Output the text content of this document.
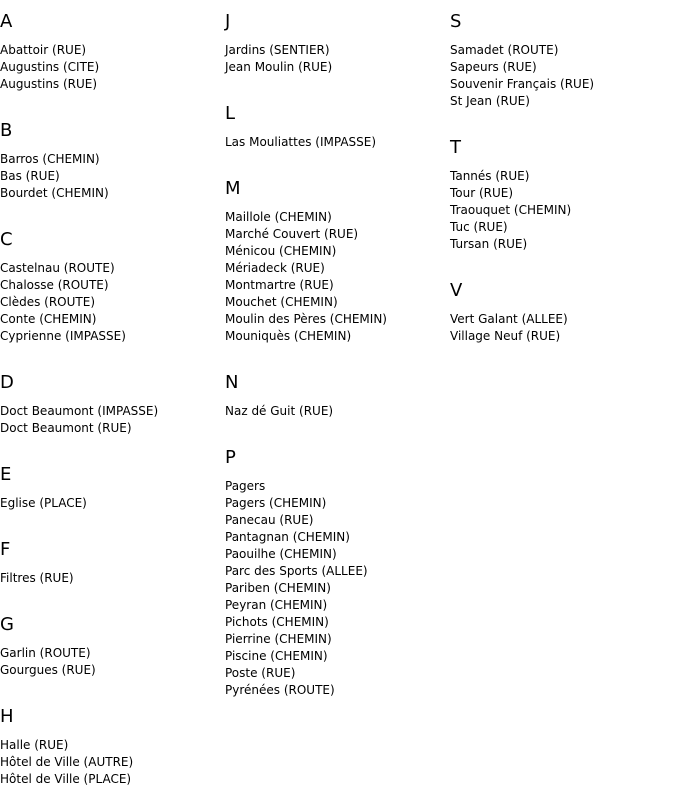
A
Abattoir (RUE)
Augustins (CITE)
Augustins (RUE)
B
Barros (CHEMIN)
Bas (RUE)
Bourdet (CHEMIN)
C
Castelnau (ROUTE)
Chalosse (ROUTE)
Clèdes (ROUTE)
Conte (CHEMIN)
Cyprienne (IMPASSE)
D
Doct Beaumont (IMPASSE)
Doct Beaumont (RUE)
E
Eglise (PLACE)
F
Filtres (RUE)
G
Garlin (ROUTE)
Gourgues (RUE)
H
Halle (RUE)
Hôtel de Ville (AUTRE)
Hôtel de Ville (PLACE)
J
Jardins (SENTIER)
Jean Moulin (RUE)
L
Las Mouliattes (IMPASSE)
M
Maillole (CHEMIN)
Marché Couvert (RUE)
Ménicou (CHEMIN)
Mériadeck (RUE)
Montmartre (RUE)
Mouchet (CHEMIN)
Moulin des Pères (CHEMIN)
Mouniquès (CHEMIN)
N
Naz dé Guit (RUE)
P
Pagers
Pagers (CHEMIN)
Panecau (RUE)
Pantagnan (CHEMIN)
Paouilhe (CHEMIN)
Parc des Sports (ALLEE)
Pariben (CHEMIN)
Peyran (CHEMIN)
Pichots (CHEMIN)
Pierrine (CHEMIN)
Piscine (CHEMIN)
Poste (RUE)
Pyrénées (ROUTE)
S
Samadet (ROUTE)
Sapeurs (RUE)
Souvenir Français (RUE)
St Jean (RUE)
T
Tannés (RUE)
Tour (RUE)
Traouquet (CHEMIN)
Tuc (RUE)
Tursan (RUE)
V
Vert Galant (ALLEE)
Village Neuf (RUE)
